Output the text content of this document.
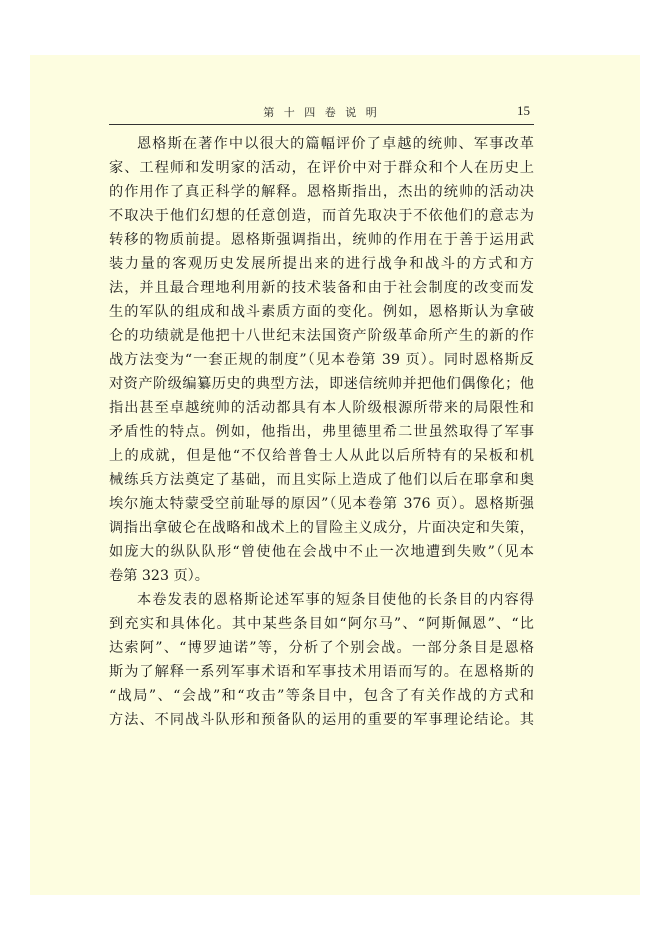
第 十 四 卷 说 明	15
恩格斯在著作中以很大的篇幅评价了卓越的统帅、军事改革
家、工程师和发明家的活动，在评价中对于群众和个人在历史上
的作用作了真正科学的解释。恩格斯指出，杰出的统帅的活动决
不取决于他们幻想的任意创造，而首先取决于不依他们的意志为
转移的物质前提。恩格斯强调指出，统帅的作用在于善于运用武
装力量的客观历史发展所提出来的进行战争和战斗的方式和方
法，并且最合理地利用新的技术装备和由于社会制度的改变而发
生的军队的组成和战斗素质方面的变化。例如，恩格斯认为拿破
仑的功绩就是他把十八世纪末法国资产阶级革命所产生的新的作
战方法变为“一套正规的制度”（见本卷第 39 页）。同时恩格斯反
对资产阶级编纂历史的典型方法，即迷信统帅并把他们偶像化；他
指出甚至卓越统帅的活动都具有本人阶级根源所带来的局限性和
矛盾性的特点。例如，他指出，弗里德里希二世虽然取得了军事
上的成就，但是他“不仅给普鲁士人从此以后所特有的呆板和机
械练兵方法奠定了基础，而且实际上造成了他们以后在耶拿和奥
埃尔施太特蒙受空前耻辱的原因”（见本卷第 376 页）。恩格斯强
调指出拿破仑在战略和战术上的冒险主义成分，片面决定和失策，
如庞大的纵队队形“曾使他在会战中不止一次地遭到失败”（见本
卷第 323 页）。
本卷发表的恩格斯论述军事的短条目使他的长条目的内容得
到充实和具体化。其中某些条目如“阿尔马”、“阿斯佩恩”、“比
达索阿”、“博罗迪诺”等，分析了个别会战。一部分条目是恩格
斯为了解释一系列军事术语和军事技术用语而写的。在恩格斯的
“战局”、“会战”和“攻击”等条目中，包含了有关作战的方式和
方法、不同战斗队形和预备队的运用的重要的军事理论结论。其
